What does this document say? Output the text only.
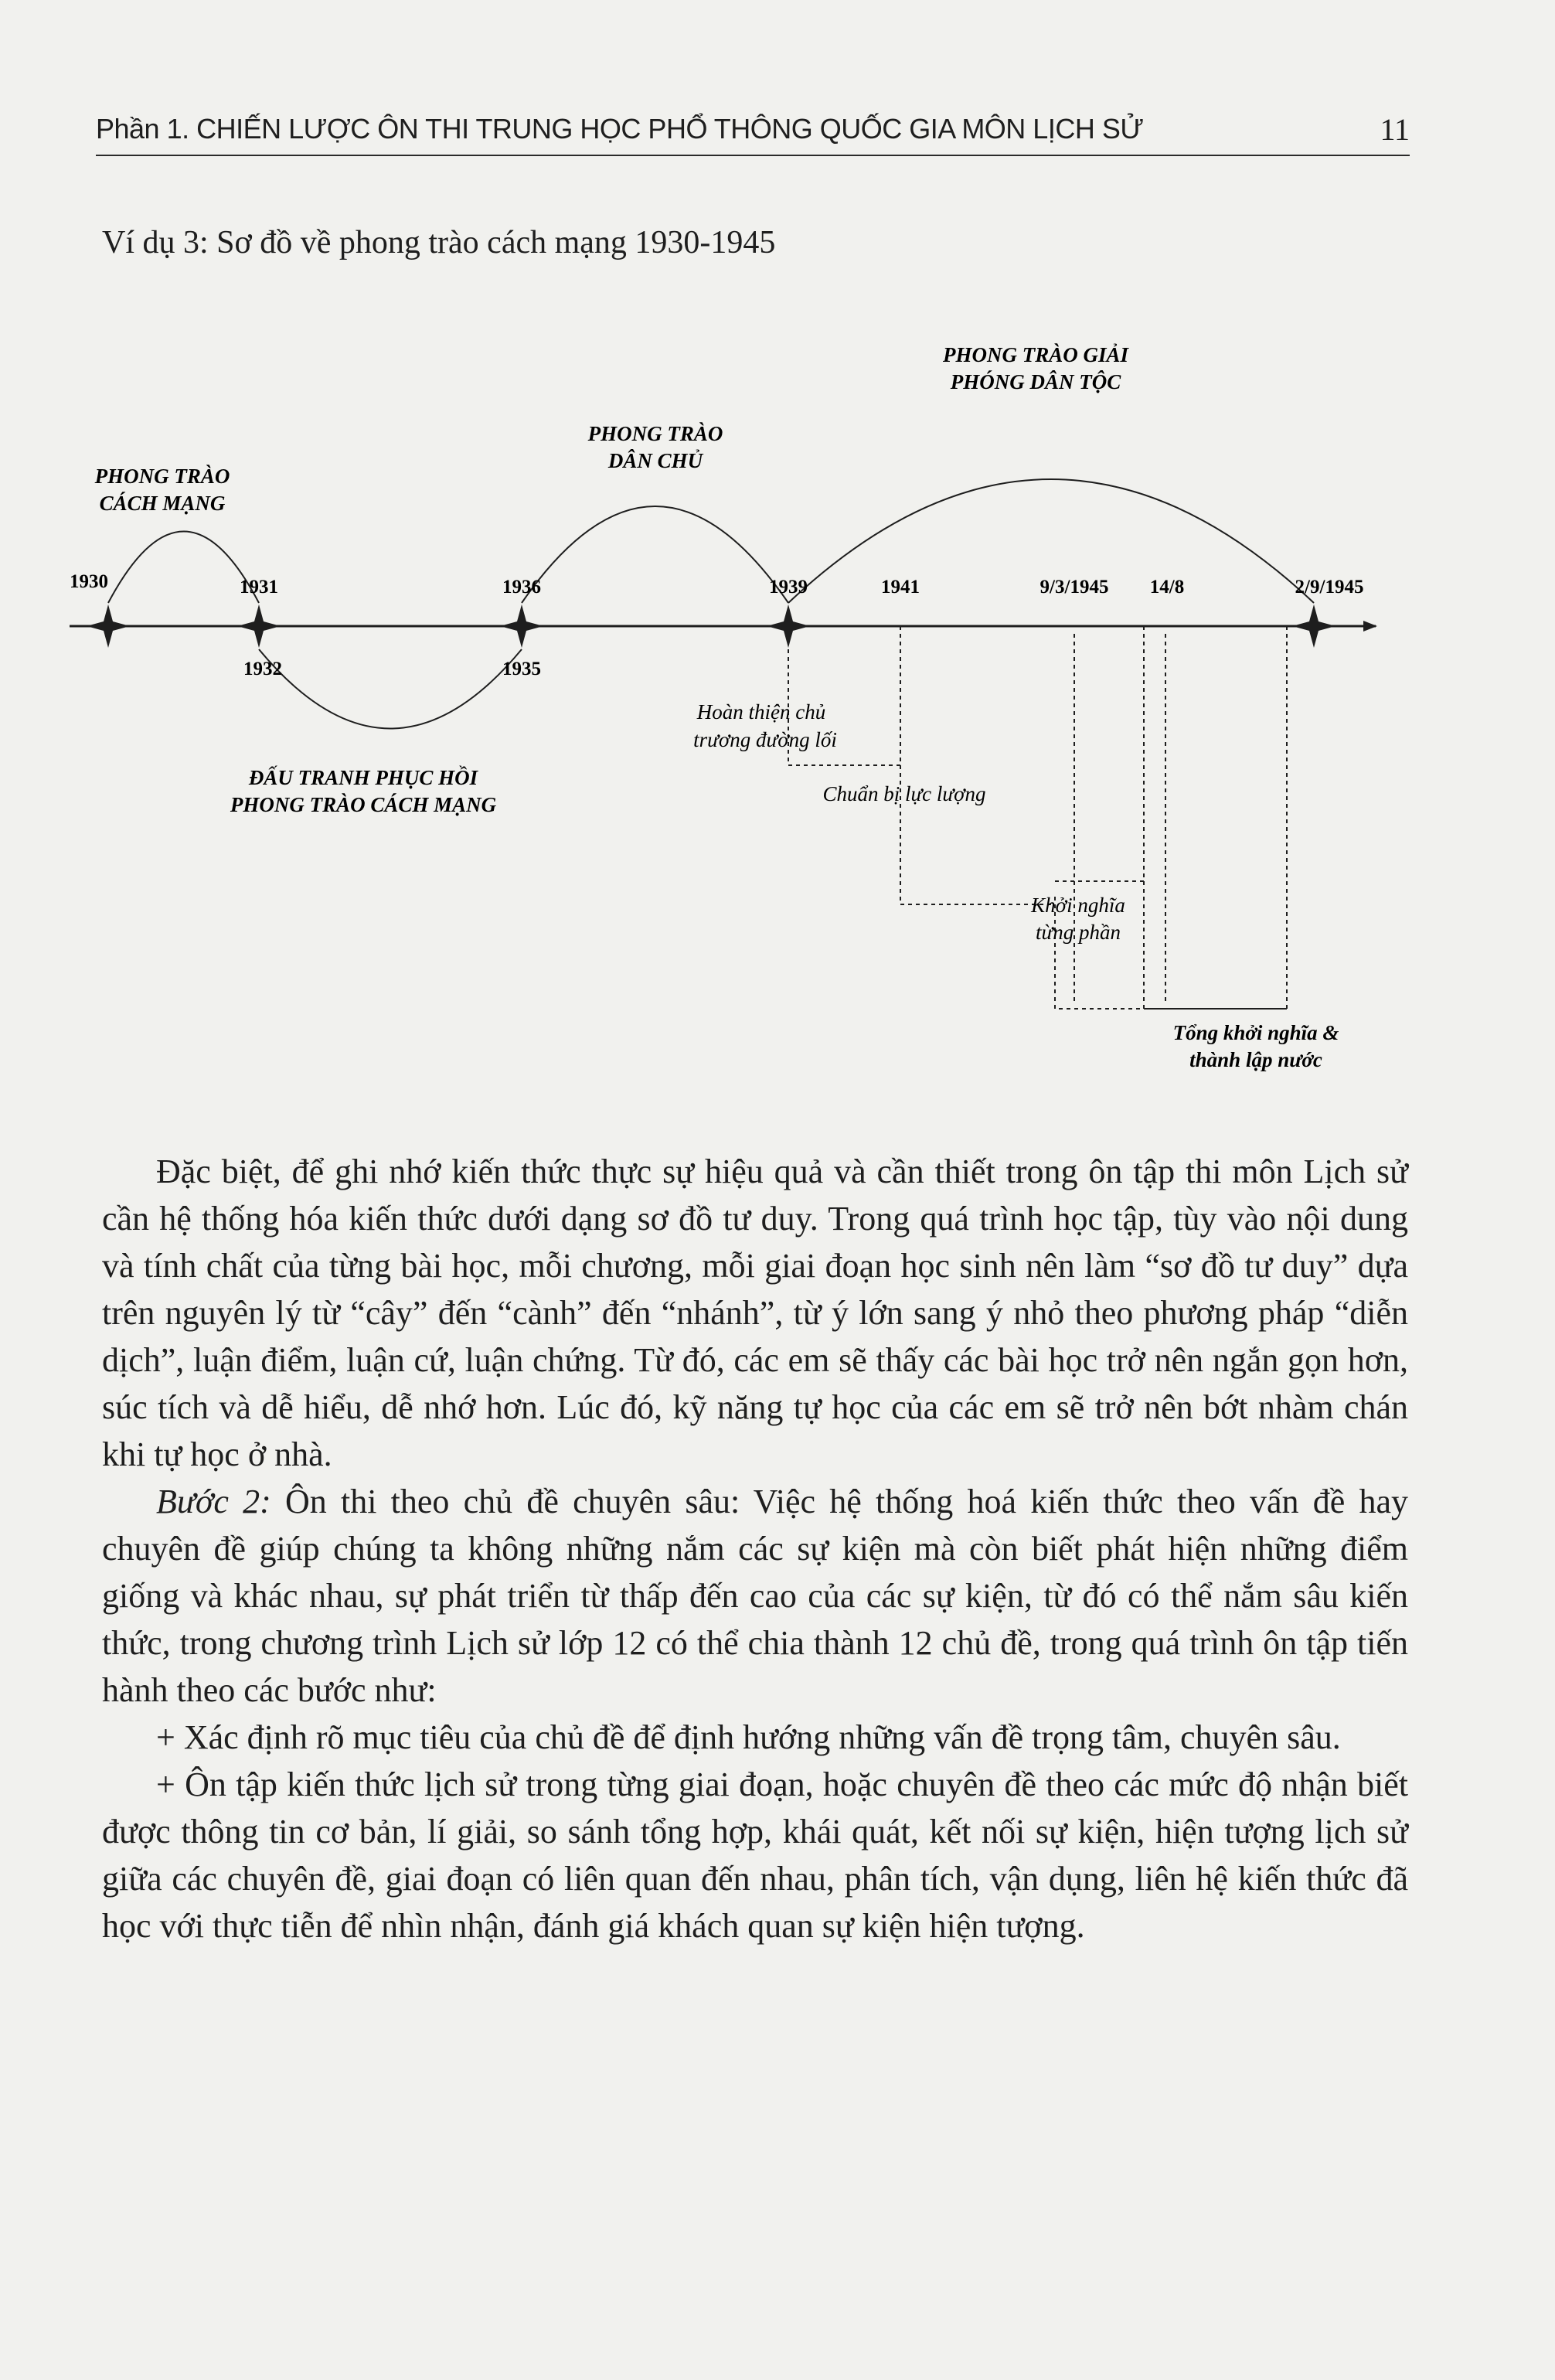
Phần 1. CHIẾN LƯỢC ÔN THI TRUNG HỌC PHỔ THÔNG QUỐC GIA MÔN LỊCH SỬ	11
Ví dụ 3: Sơ đồ về phong trào cách mạng 1930-1945
PHONG TRÀO
CÁCH MẠNG
ĐẤU TRANH PHỤC HỒI
PHONG TRÀO CÁCH MẠNG
PHONG TRÀO
DÂN CHỦ
PHONG TRÀO GIẢI
PHÓNG DÂN TỘC
1930	1931	1936	1939	1941	9/3/1945 14/8	2/9/1945
1932	1935
Hoàn thiện chủ
trương đường lối
Chuẩn bị lực lượng
Khởi nghĩa
từng phần
Tổng khởi nghĩa &
thành lập nước

Đặc biệt, để ghi nhớ kiến thức thực sự hiệu quả và cần thiết trong ôn tập thi môn Lịch sử cần hệ thống hóa kiến thức dưới dạng sơ đồ tư duy. Trong quá trình học tập, tùy vào nội dung và tính chất của từng bài học, mỗi chương, mỗi giai đoạn học sinh nên làm “sơ đồ tư duy” dựa trên nguyên lý từ “cây” đến “cành” đến “nhánh”, từ ý lớn sang ý nhỏ theo phương pháp “diễn dịch”, luận điểm, luận cứ, luận chứng. Từ đó, các em sẽ thấy các bài học trở nên ngắn gọn hơn, súc tích và dễ hiểu, dễ nhớ hơn. Lúc đó, kỹ năng tự học của các em sẽ trở nên bớt nhàm chán khi tự học ở nhà.

Bước 2: Ôn thi theo chủ đề chuyên sâu: Việc hệ thống hoá kiến thức theo vấn đề hay chuyên đề giúp chúng ta không những nắm các sự kiện mà còn biết phát hiện những điểm giống và khác nhau, sự phát triển từ thấp đến cao của các sự kiện, từ đó có thể nắm sâu kiến thức, trong chương trình Lịch sử lớp 12 có thể chia thành 12 chủ đề, trong quá trình ôn tập tiến hành theo các bước như:

+ Xác định rõ mục tiêu của chủ đề để định hướng những vấn đề trọng tâm, chuyên sâu.

+ Ôn tập kiến thức lịch sử trong từng giai đoạn, hoặc chuyên đề theo các mức độ nhận biết được thông tin cơ bản, lí giải, so sánh tổng hợp, khái quát, kết nối sự kiện, hiện tượng lịch sử giữa các chuyên đề, giai đoạn có liên quan đến nhau, phân tích, vận dụng, liên hệ kiến thức đã học với thực tiễn để nhìn nhận, đánh giá khách quan sự kiện hiện tượng.
